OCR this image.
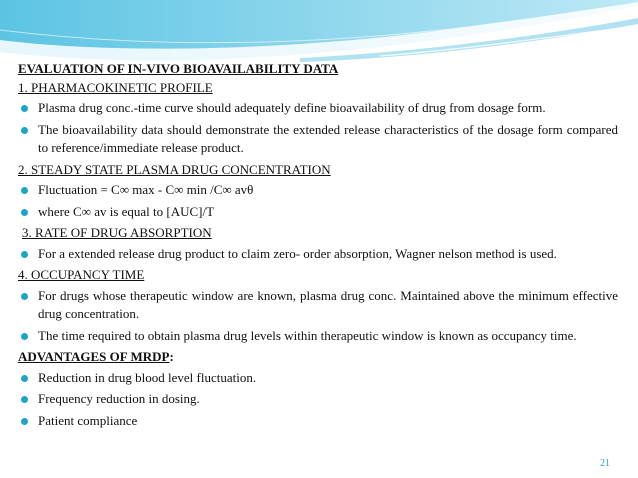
EVALUATION OF IN-VIVO BIOAVAILABILITY DATA
1. PHARMACOKINETIC PROFILE
Plasma drug conc.-time curve should adequately define bioavailability of drug from dosage form.
The bioavailability data should demonstrate the extended release characteristics of the dosage form compared to reference/immediate release product.
2. STEADY STATE PLASMA DRUG CONCENTRATION
Fluctuation = C∞ max - C∞ min /C∞ avθ
where C∞ av is equal to [AUC]/T
3. RATE OF DRUG ABSORPTION
For a extended release drug product to claim zero- order absorption, Wagner nelson method is used.
4. OCCUPANCY TIME
For drugs whose therapeutic window are known, plasma drug conc. Maintained above the minimum effective drug concentration.
The time required to obtain plasma drug levels within therapeutic window is known as occupancy time.
ADVANTAGES OF MRDP:
Reduction in drug blood level fluctuation.
Frequency reduction in dosing.
Patient compliance
21
